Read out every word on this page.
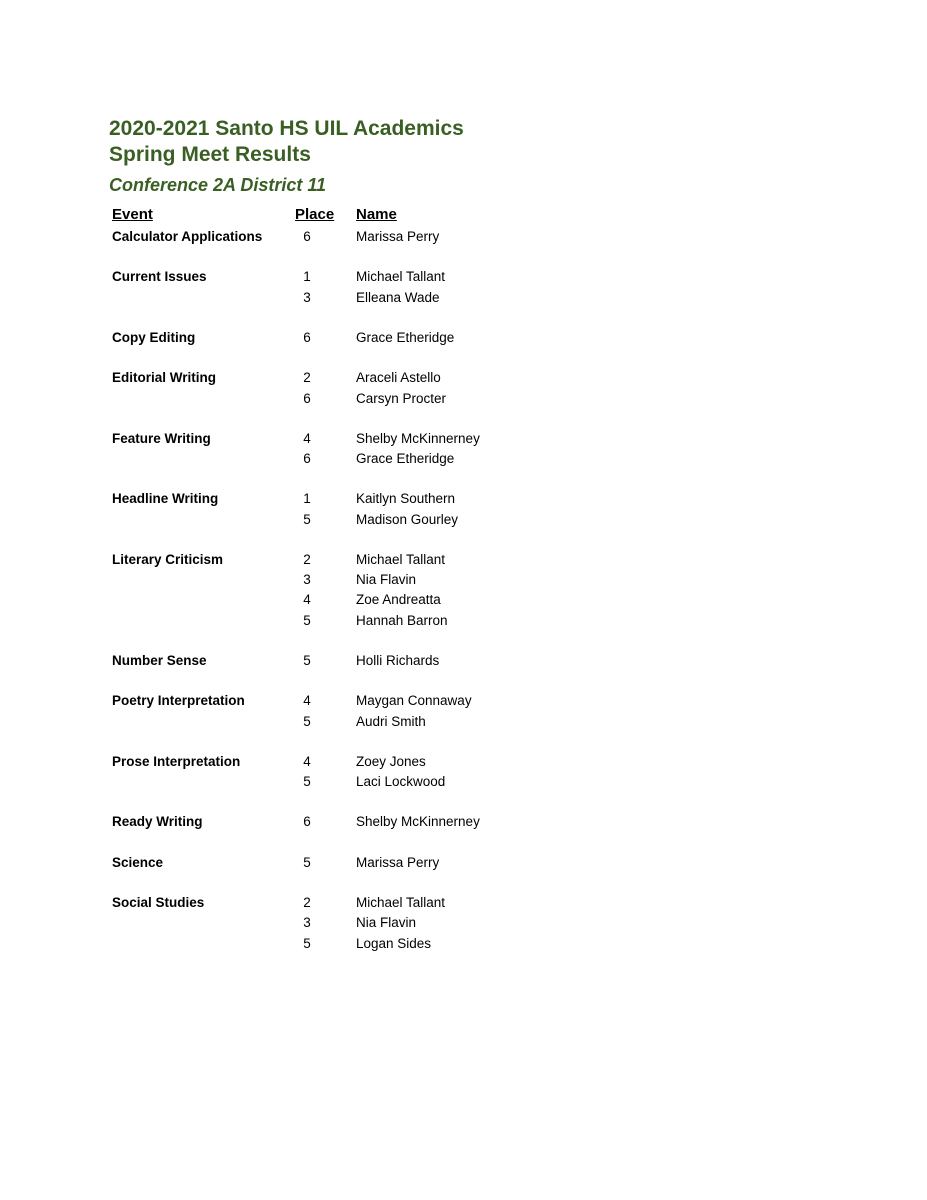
2020-2021 Santo HS UIL Academics
Spring Meet Results
Conference 2A District 11
Event	Place Name
Calculator Applications	6	Marissa Perry
Current Issues	1	Michael Tallant
3	Elleana Wade
Copy Editing	6	Grace Etheridge
Editorial Writing	2	Araceli Astello
6	Carsyn Procter
Feature Writing	4	Shelby McKinnerney
6	Grace Etheridge
Headline Writing	1	Kaitlyn Southern
5	Madison Gourley
Literary Criticism	2	Michael Tallant
3	Nia Flavin
4	Zoe Andreatta
5	Hannah Barron
Number Sense	5	Holli Richards
Poetry Interpretation	4	Maygan Connaway
5	Audri Smith
Prose Interpretation	4	Zoey Jones
5	Laci Lockwood
Ready Writing	6	Shelby McKinnerney
Science	5	Marissa Perry
Social Studies	2	Michael Tallant
3	Nia Flavin
5	Logan Sides
